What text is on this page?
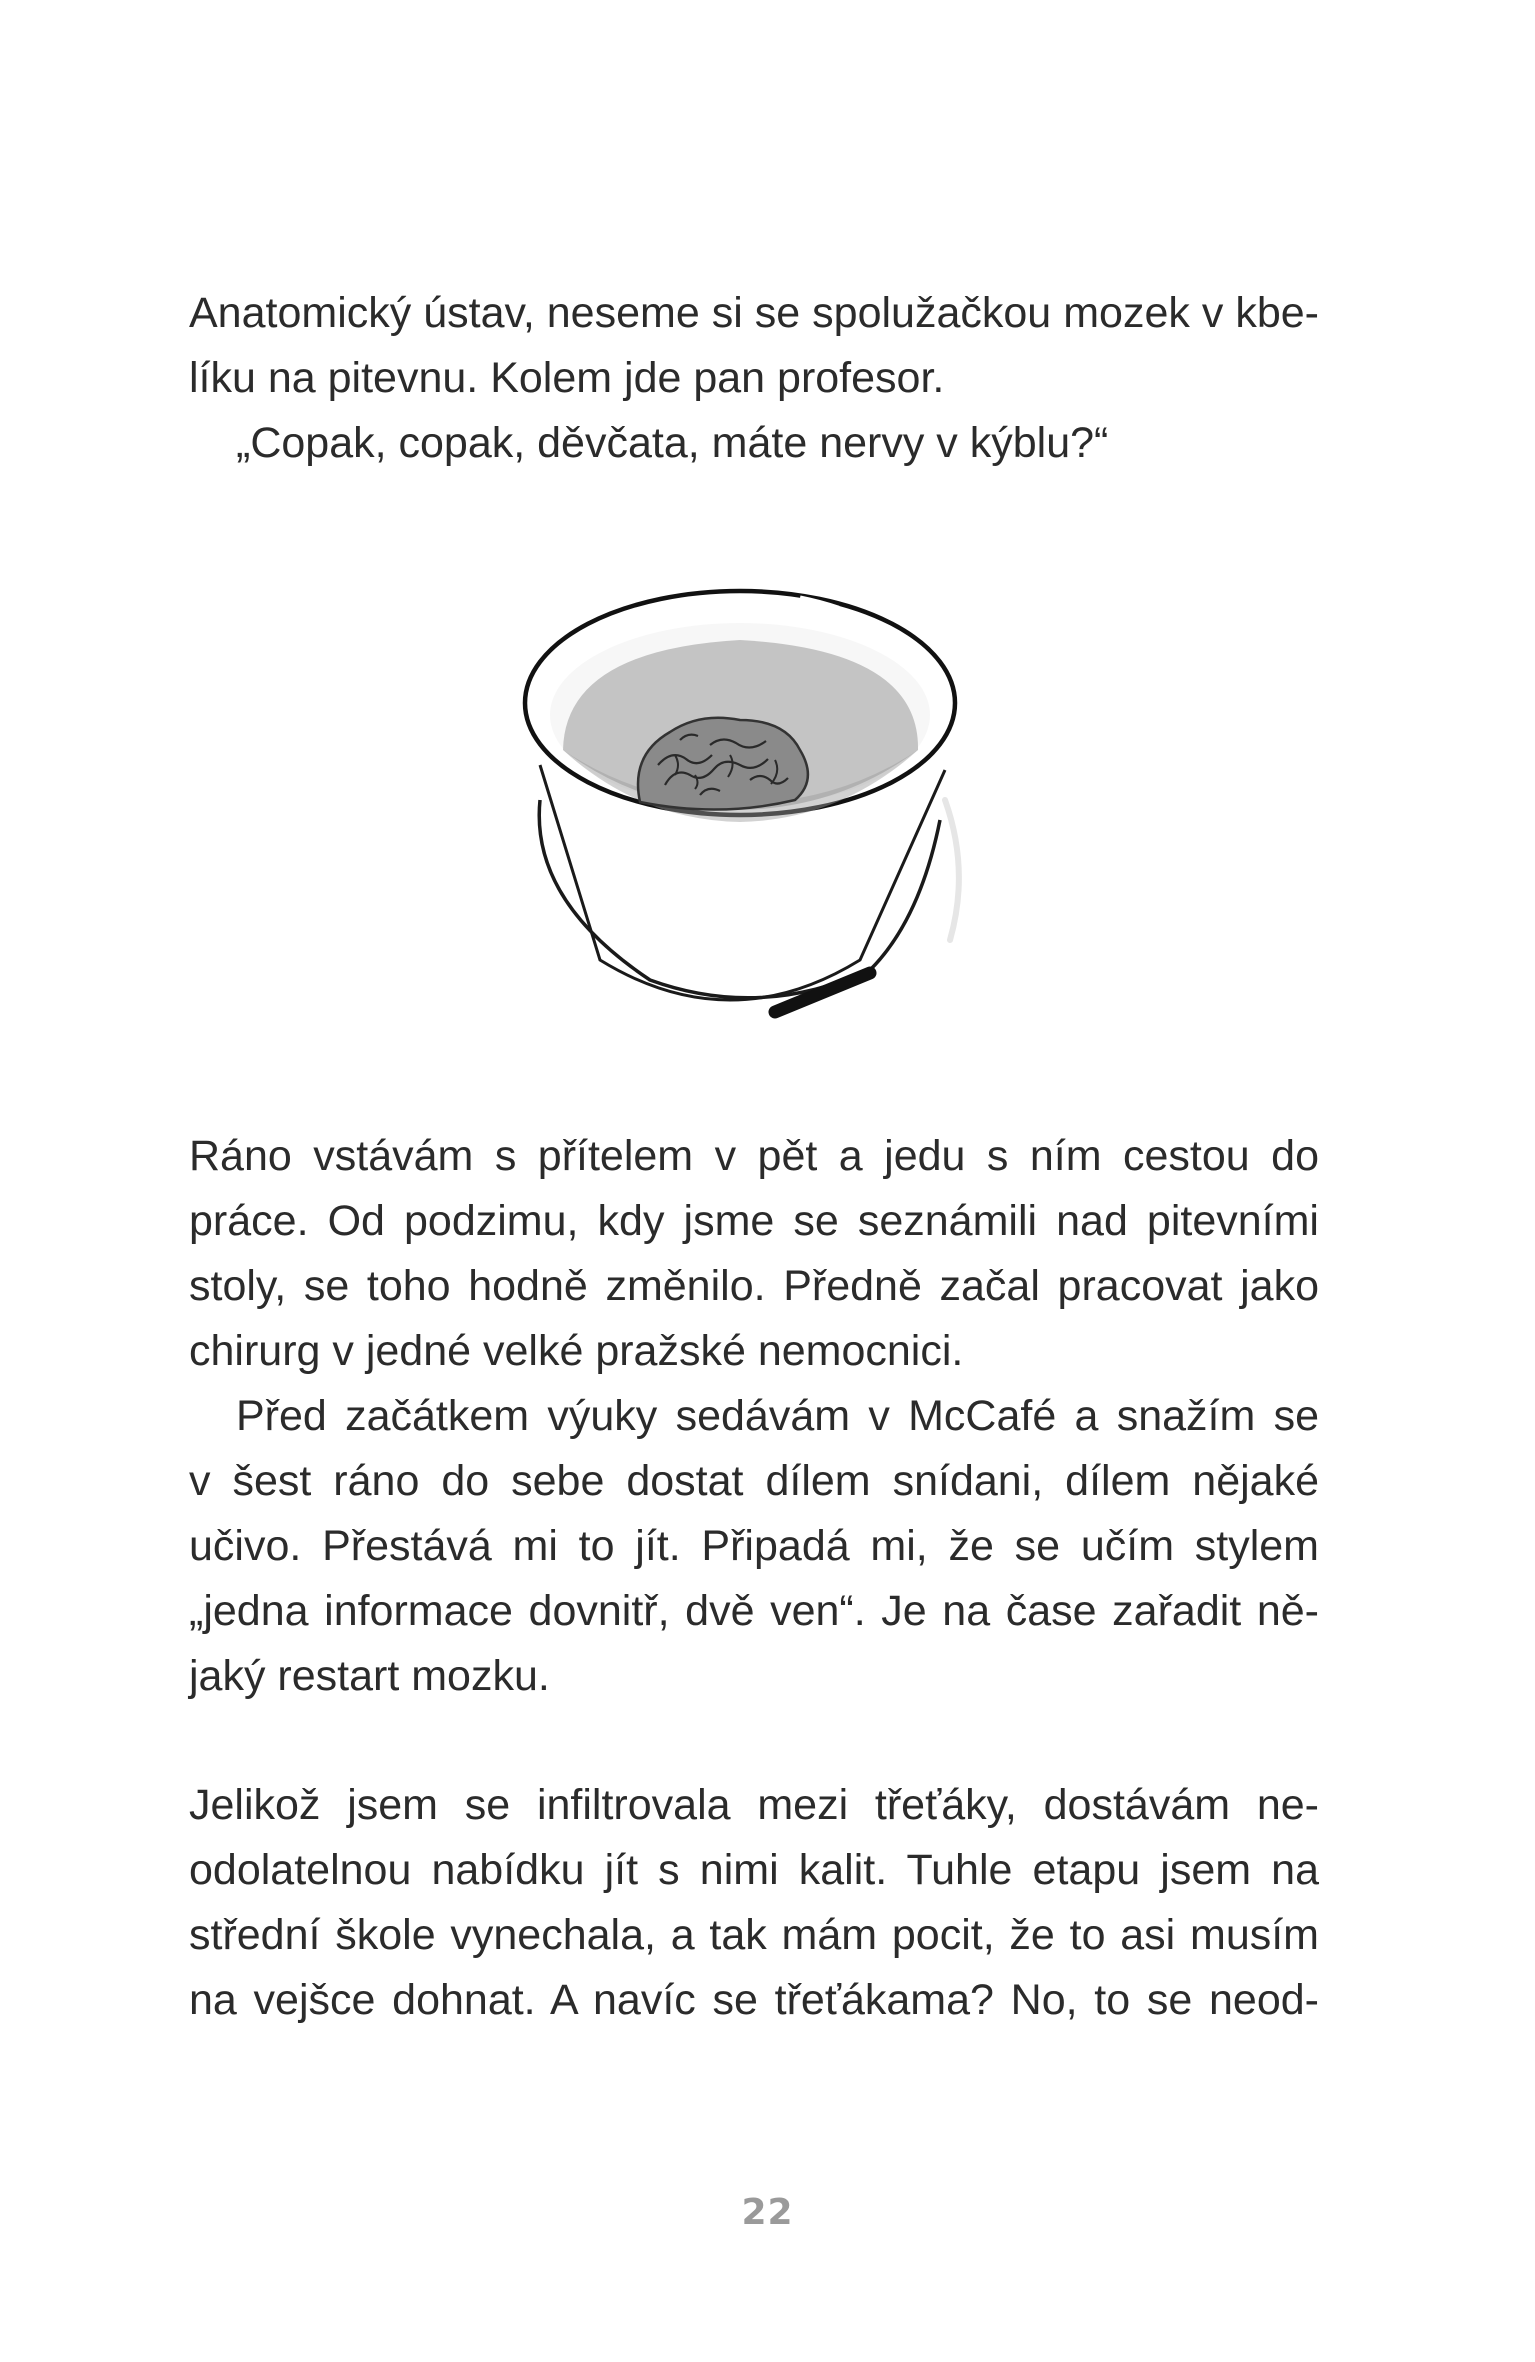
Anatomický ústav, neseme si se spolužačkou mozek v kbe-
líku na pitevnu. Kolem jde pan profesor.
„Copak, copak, děvčata, máte nervy v kýblu?“
Ráno vstávám s přítelem v pět a jedu s ním cestou do
práce. Od podzimu, kdy jsme se seznámili nad pitevními
stoly, se toho hodně změnilo. Předně začal pracovat jako
chirurg v jedné velké pražské nemocnici.
Před začátkem výuky sedávám v McCafé a snažím se
v šest ráno do sebe dostat dílem snídani, dílem nějaké
učivo. Přestává mi to jít. Připadá mi, že se učím stylem
„jedna informace dovnitř, dvě ven“. Je na čase zařadit ně-
jaký restart mozku.
Jelikož jsem se infiltrovala mezi třeťáky, dostávám ne-
odolatelnou nabídku jít s nimi kalit. Tuhle etapu jsem na
střední škole vynechala, a tak mám pocit, že to asi musím
na vejšce dohnat. A navíc se třeťákama? No, to se neod-
22
